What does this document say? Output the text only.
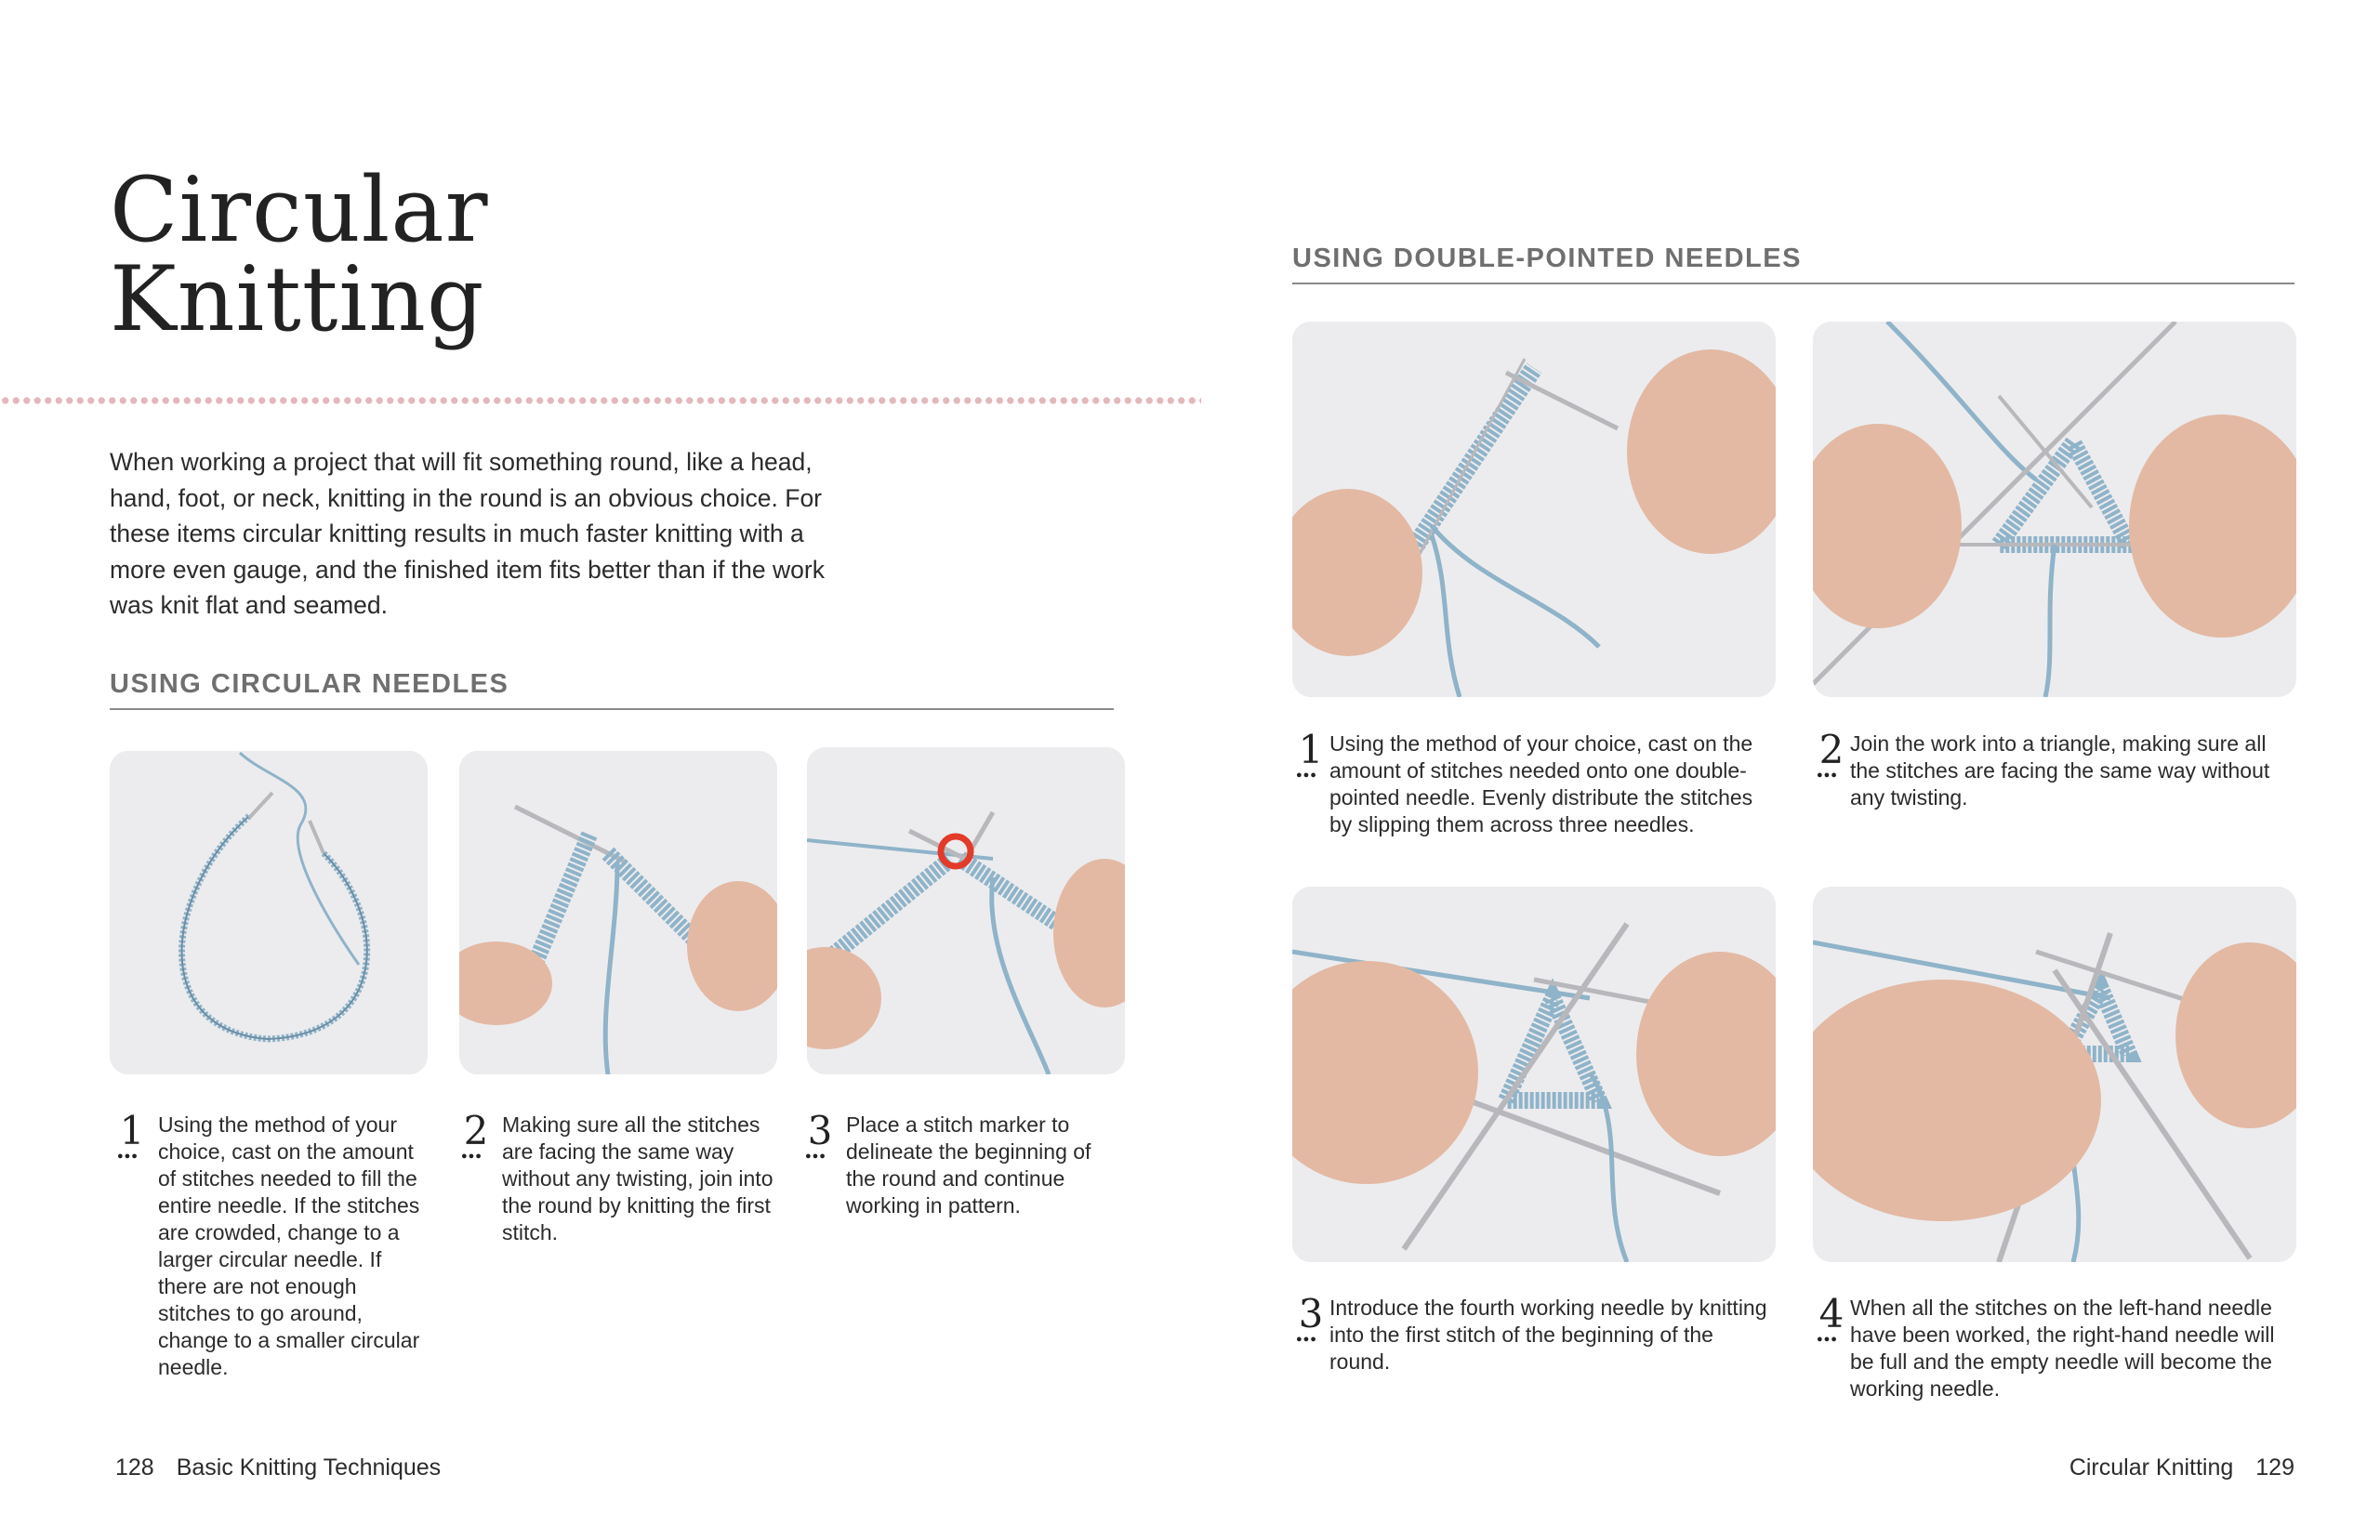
Circular
Knitting

When working a project that will fit something round, like a head, hand, foot, or neck, knitting in the round is an obvious choice. For these items circular knitting results in much faster knitting with a more even gauge, and the finished item fits better than if the work was knit flat and seamed.

USING CIRCULAR NEEDLES
1
●●●
Using the method of your choice, cast on the amount of stitches needed to fill the entire needle. If the stitches are crowded, change to a larger circular needle. If there are not enough stitches to go around, change to a smaller circular needle.
2
●●●
Making sure all the stitches are facing the same way without any twisting, join into the round by knitting the first stitch.
3
●●●
Place a stitch marker to delineate the beginning of the round and continue working in pattern.
128 Basic Knitting Techniques
USING DOUBLE-POINTED NEEDLES
1
●●●
Using the method of your choice, cast on the amount of stitches needed onto one double-pointed needle. Evenly distribute the stitches by slipping them across three needles.
2
●●●
Join the work into a triangle, making sure all the stitches are facing the same way without any twisting.
3
●●●
Introduce the fourth working needle by knitting into the first stitch of the beginning of the round.
4
●●●
When all the stitches on the left-hand needle have been worked, the right-hand needle will be full and the empty needle will become the working needle.
Circular Knitting 129
